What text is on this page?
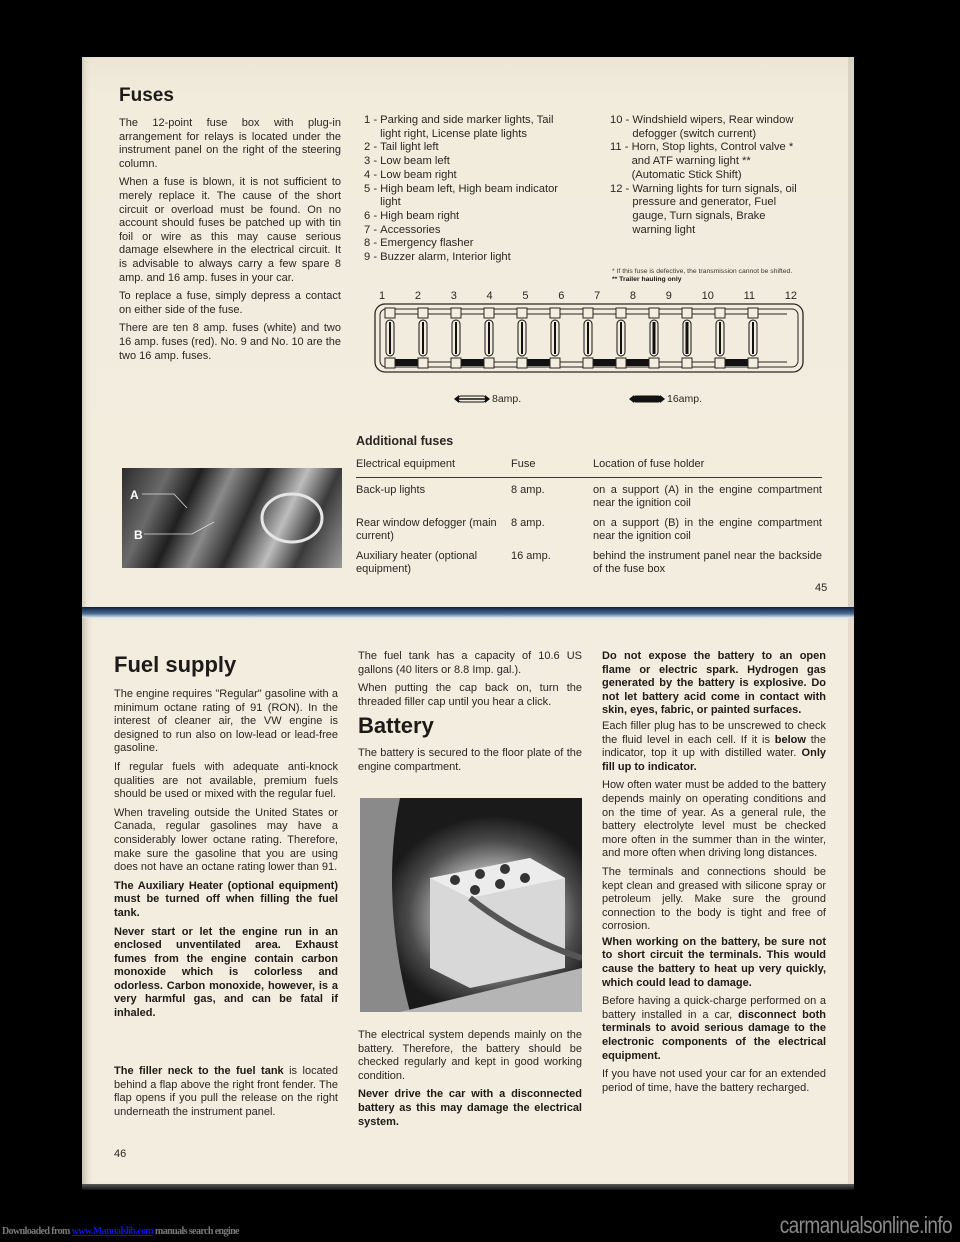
Fuses

The 12-point fuse box with plug-in arrangement for relays is located under the instrument panel on the right of the steering column.

When a fuse is blown, it is not sufficient to merely replace it. The cause of the short circuit or overload must be found. On no account should fuses be patched up with tin foil or wire as this may cause serious damage elsewhere in the electrical circuit. It is advisable to always carry a few spare 8 amp. and 16 amp. fuses in your car.

To replace a fuse, simply depress a contact on either side of the fuse.

There are ten 8 amp. fuses (white) and two 16 amp. fuses (red). No. 9 and No. 10 are the two 16 amp. fuses.

1 - Parking and side marker lights, Tail light right, License plate lights
2 - Tail light left
3 - Low beam left
4 - Low beam right
5 - High beam left, High beam indicator light
6 - High beam right
7 - Accessories
8 - Emergency flasher
9 - Buzzer alarm, Interior light
10 - Windshield wipers, Rear window defogger (switch current)
11 - Horn, Stop lights, Control valve * and ATF warning light ** (Automatic Stick Shift)
12 - Warning lights for turn signals, oil pressure and generator, Fuel gauge, Turn signals, Brake warning light
* If this fuse is defective, the transmission cannot be shifted.
** Trailer hauling only
1	2	3	4	5	6	7	8	9	10	11	12
8amp.	16amp.
Additional fuses
Electrical equipment	Fuse	Location of fuse holder
Back-up lights	8 amp.	on a support (A) in the engine compartment near the ignition coil
Rear window defogger (main current)	8 amp.	on a support (B) in the engine compartment near the ignition coil
Auxiliary heater (optional equipment)	16 amp.	behind the instrument panel near the backside of the fuse box
A
B
45
Fuel supply

The engine requires "Regular" gasoline with a minimum octane rating of 91 (RON). In the interest of cleaner air, the VW engine is designed to run also on low-lead or lead-free gasoline.

If regular fuels with adequate anti-knock qualities are not available, premium fuels should be used or mixed with the regular fuel.

When traveling outside the United States or Canada, regular gasolines may have a considerably lower octane rating. Therefore, make sure the gasoline that you are using does not have an octane rating lower than 91.

The Auxiliary Heater (optional equipment) must be turned off when filling the fuel tank.

Never start or let the engine run in an enclosed unventilated area. Exhaust fumes from the engine contain carbon monoxide which is colorless and odorless. Carbon monoxide, however, is a very harmful gas, and can be fatal if inhaled.

The filler neck to the fuel tank is located behind a flap above the right front fender. The flap opens if you pull the release on the right underneath the instrument panel.

46

The fuel tank has a capacity of 10.6 US gallons (40 liters or 8.8 Imp. gal.).

When putting the cap back on, turn the threaded filler cap until you hear a click.

Battery

The battery is secured to the floor plate of the engine compartment.

The electrical system depends mainly on the battery. Therefore, the battery should be checked regularly and kept in good working condition.

Never drive the car with a disconnected battery as this may damage the electrical system.

Do not expose the battery to an open flame or electric spark. Hydrogen gas generated by the battery is explosive. Do not let battery acid come in contact with skin, eyes, fabric, or painted surfaces.

Each filler plug has to be unscrewed to check the fluid level in each cell. If it is below the indicator, top it up with distilled water. Only fill up to indicator.

How often water must be added to the battery depends mainly on operating conditions and on the time of year. As a general rule, the battery electrolyte level must be checked more often in the summer than in the winter, and more often when driving long distances.

The terminals and connections should be kept clean and greased with silicone spray or petroleum jelly. Make sure the ground connection to the body is tight and free of corrosion.

When working on the battery, be sure not to short circuit the terminals. This would cause the battery to heat up very quickly, which could lead to damage.

Before having a quick-charge performed on a battery installed in a car, disconnect both terminals to avoid serious damage to the electronic components of the electrical equipment.

If you have not used your car for an extended period of time, have the battery recharged.

Downloaded from www.Manualslib.com manuals search engine	carmanualsonline.info
